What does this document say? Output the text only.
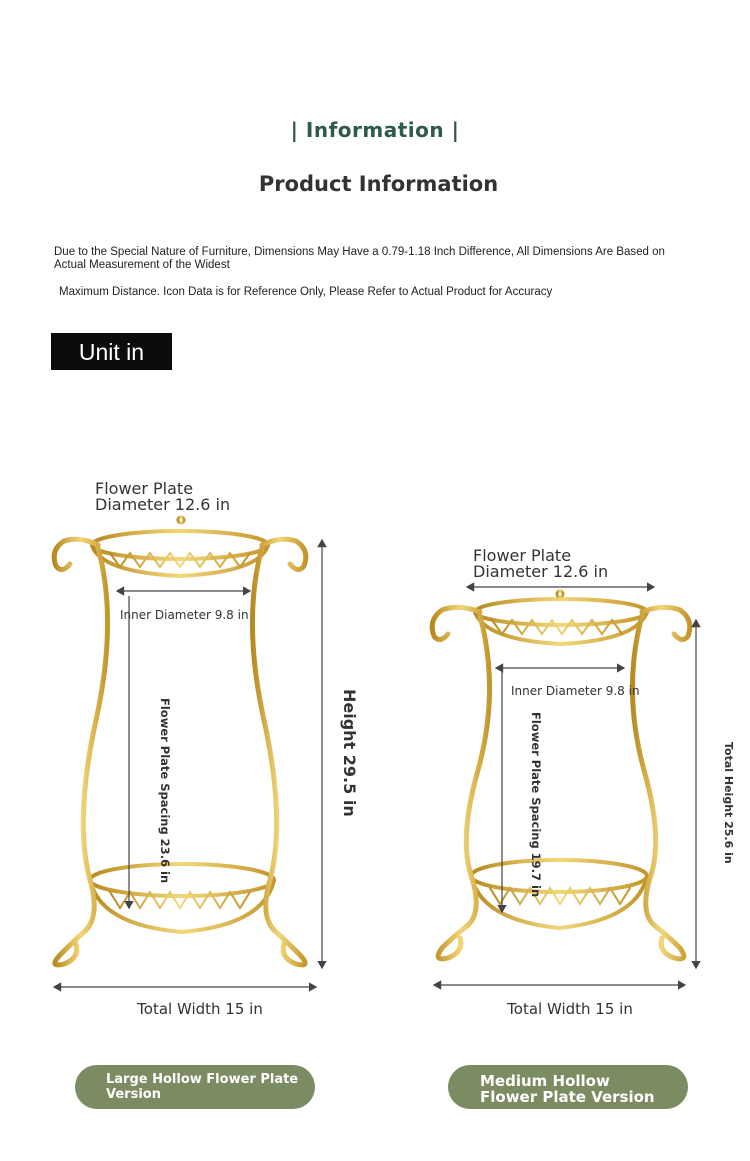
| Information |
Product Information
Due to the Special Nature of Furniture, Dimensions May Have a 0.79-1.18 Inch Difference, All Dimensions Are Based on
Actual Measurement of the Widest
Maximum Distance. Icon Data is for Reference Only, Please Refer to Actual Product for Accuracy
Unit in
Flower Plate
Diameter 12.6 in
Inner Diameter 9.8 in
Flower Plate Spacing 23.6 in	Height 29.5 in
Total Width 15 in
Flower Plate
Diameter 12.6 in
Inner Diameter 9.8 in
Flower Plate Spacing 19.7 in	Total Height 25.6 in
Total Width 15 in
Large Hollow Flower Plate
Version
Medium Hollow
Flower Plate Version
